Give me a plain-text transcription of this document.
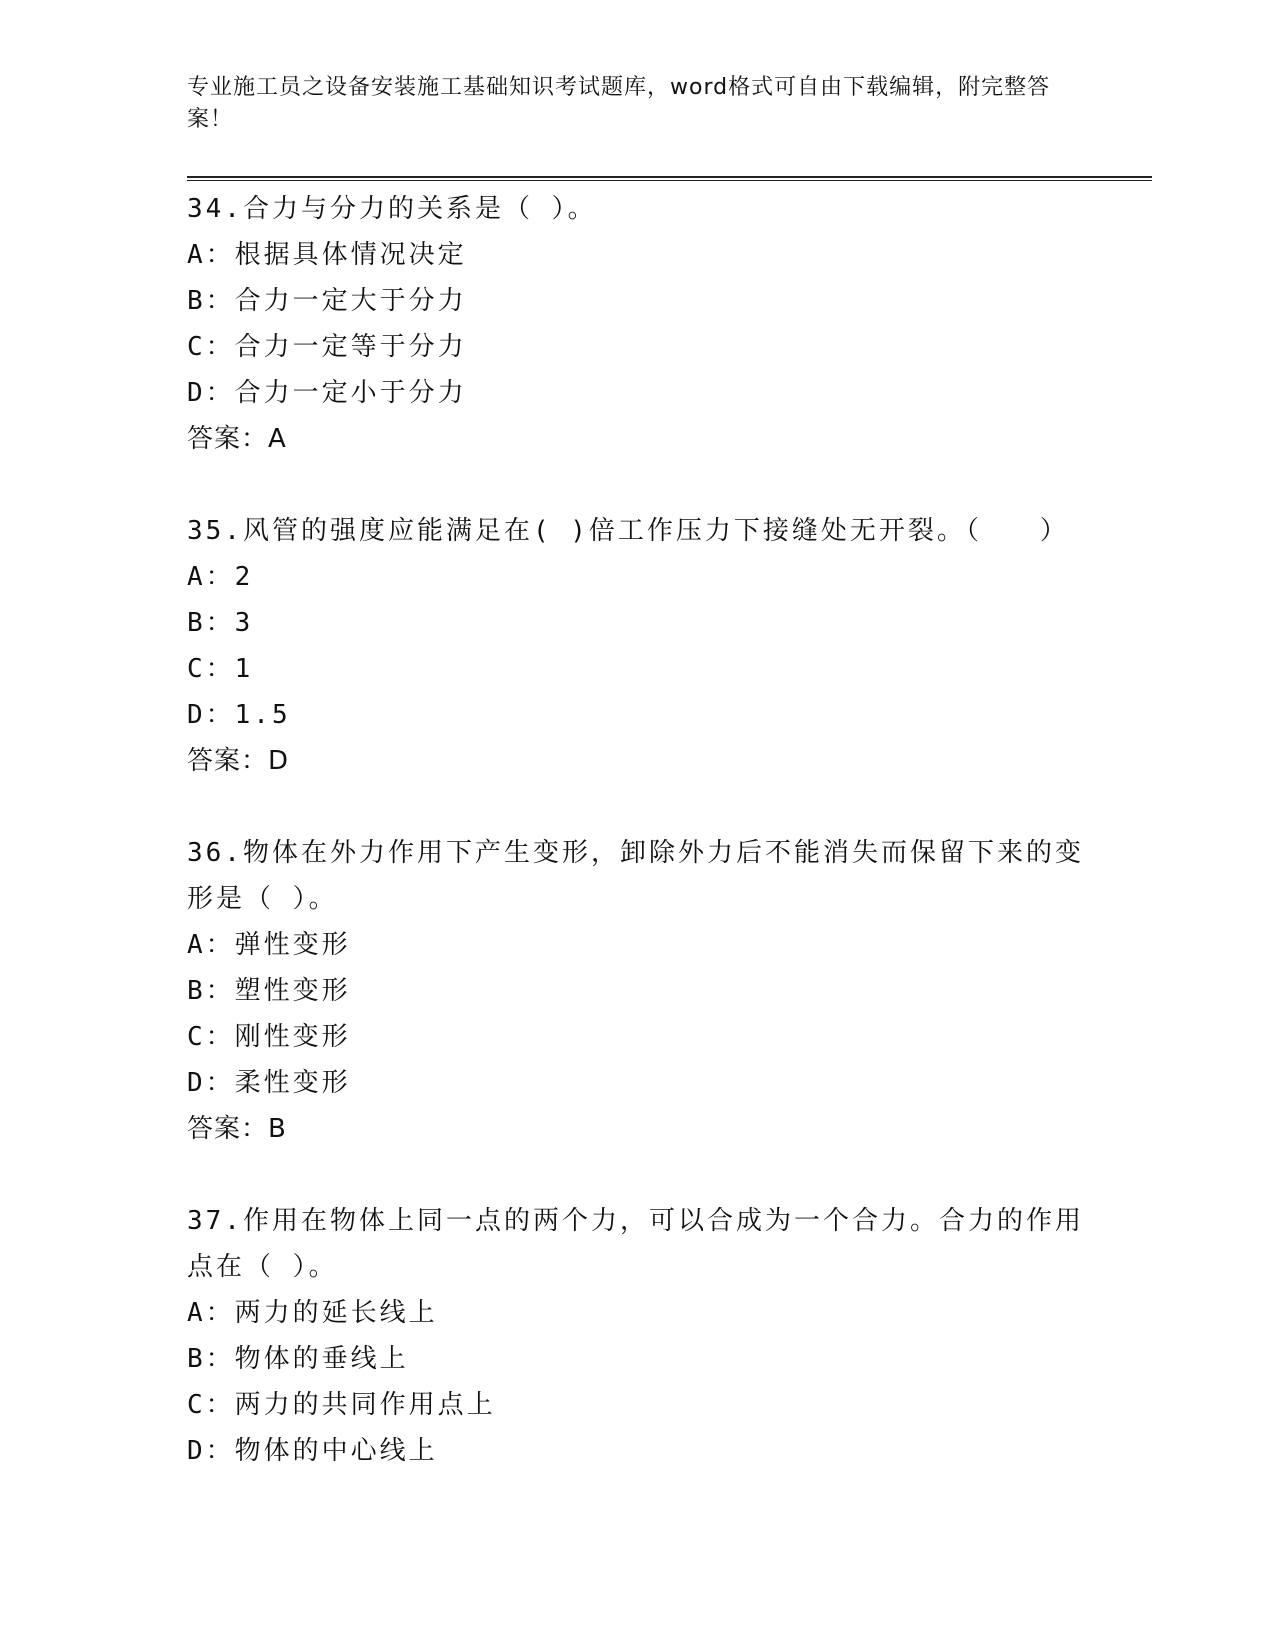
专业施工员之设备安装施工基础知识考试题库，word格式可自由下载编辑，附完整答案！

34.合力与分力的关系是（ ）。

A：根据具体情况决定
B：合力一定大于分力
C：合力一定等于分力
D：合力一定小于分力

答案：A

35.风管的强度应能满足在( )倍工作压力下接缝处无开裂。（　　）

A：2
B：3
C：1
D：1.5

答案：D

36.物体在外力作用下产生变形，卸除外力后不能消失而保留下来的变形是（ ）。

A：弹性变形
B：塑性变形
C：刚性变形
D：柔性变形

答案：B

37.作用在物体上同一点的两个力，可以合成为一个合力。合力的作用点在（ ）。

A：两力的延长线上
B：物体的垂线上
C：两力的共同作用点上
D：物体的中心线上
